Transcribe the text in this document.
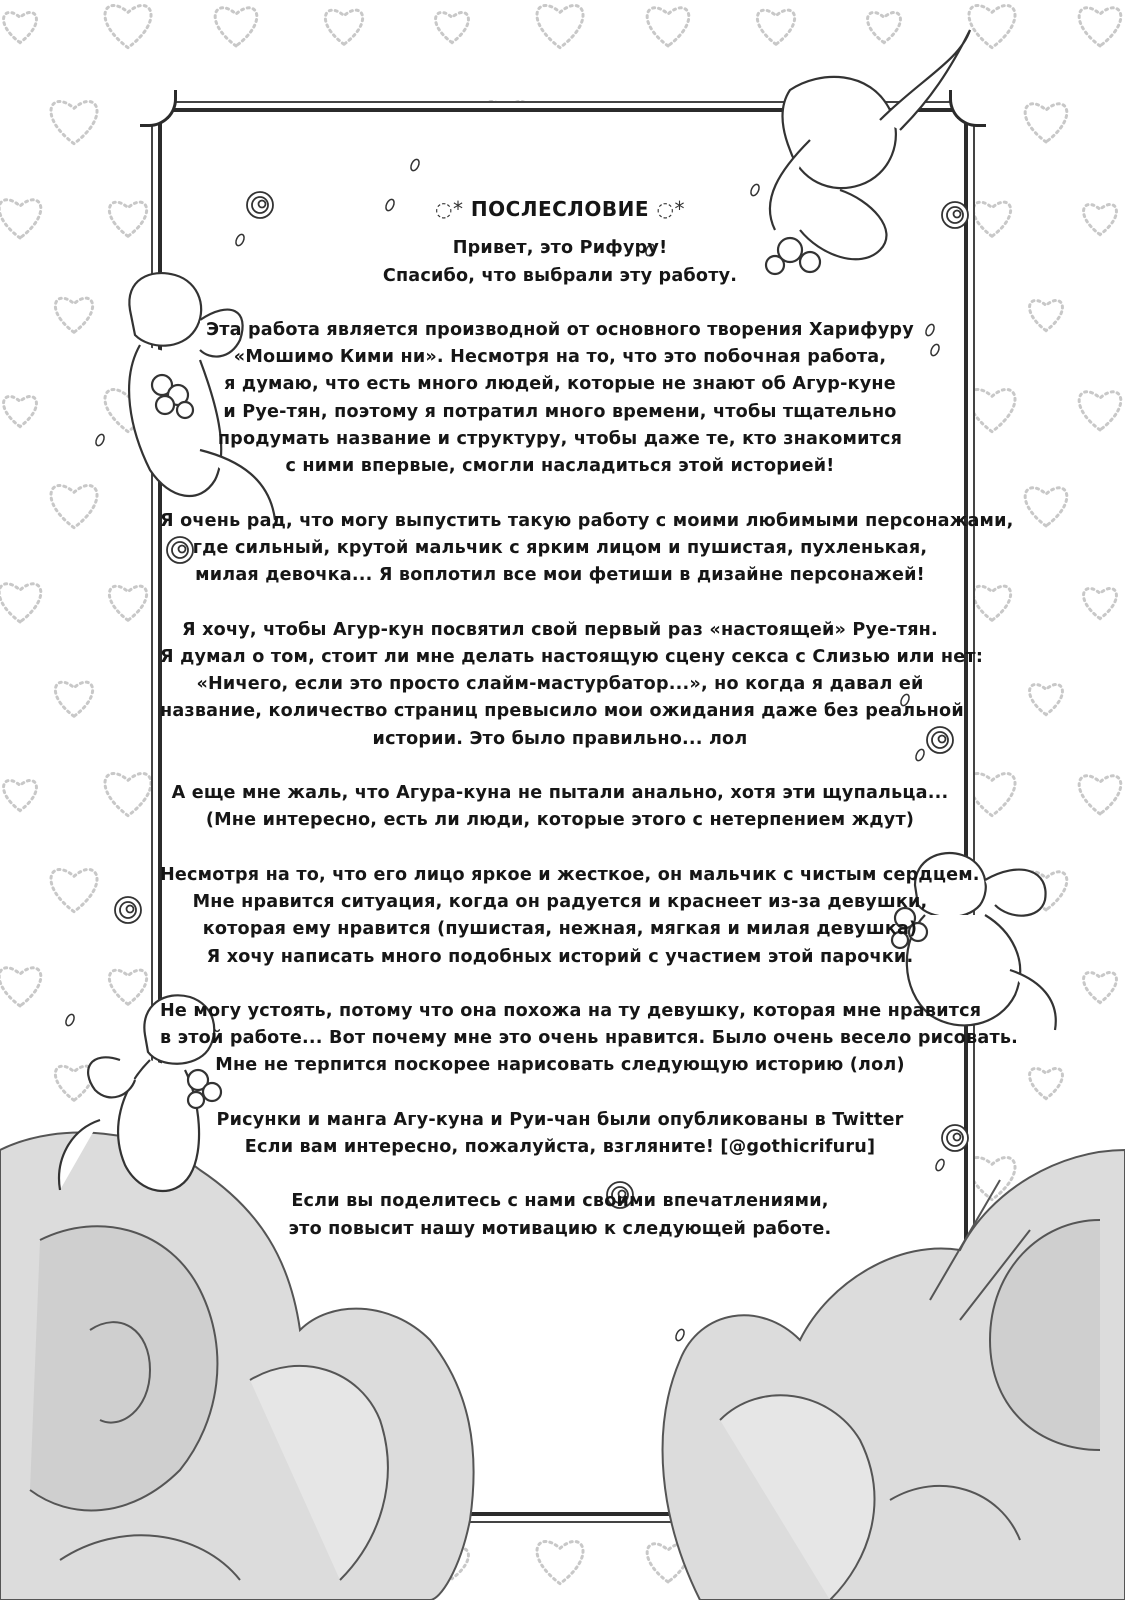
◌* ПОСЛЕСЛОВИЕ ◌*
Привет, это Рифуру!
Спасибо, что выбрали эту работу.
Эта работа является производной от основного творения Харифуру
«Мошимо Кими ни». Несмотря на то, что это побочная работа,
я думаю, что есть много людей, которые не знают об Агур-куне
и Руе-тян, поэтому я потратил много времени, чтобы тщательно
продумать название и структуру, чтобы даже те, кто знакомится
с ними впервые, смогли насладиться этой историей!
Я очень рад, что могу выпустить такую работу с моими любимыми персонажами,
где сильный, крутой мальчик с ярким лицом и пушистая, пухленькая,
милая девочка... Я воплотил все мои фетиши в дизайне персонажей!
Я хочу, чтобы Агур-кун посвятил свой первый раз «настоящей» Руе-тян.
Я думал о том, стоит ли мне делать настоящую сцену секса с Слизью или нет:
«Ничего, если это просто слайм-мастурбатор...», но когда я давал ей
название, количество страниц превысило мои ожидания даже без реальной
истории. Это было правильно... лол
А еще мне жаль, что Агура-куна не пытали анально, хотя эти щупальца...
(Мне интересно, есть ли люди, которые этого с нетерпением ждут)
Несмотря на то, что его лицо яркое и жесткое, он мальчик с чистым сердцем.
Мне нравится ситуация, когда он радуется и краснеет из-за девушки,
которая ему нравится (пушистая, нежная, мягкая и милая девушка)
Я хочу написать много подобных историй с участием этой парочки.
Не могу устоять, потому что она похожа на ту девушку, которая мне нравится
в этой работе... Вот почему мне это очень нравится. Было очень весело рисовать.
Мне не терпится поскорее нарисовать следующую историю (лол)
Рисунки и манга Агу-куна и Руи-чан были опубликованы в Twitter
Если вам интересно, пожалуйста, взгляните! [@gothicrifuru]
Если вы поделитесь с нами своими впечатлениями,
это повысит нашу мотивацию к следующей работе.
